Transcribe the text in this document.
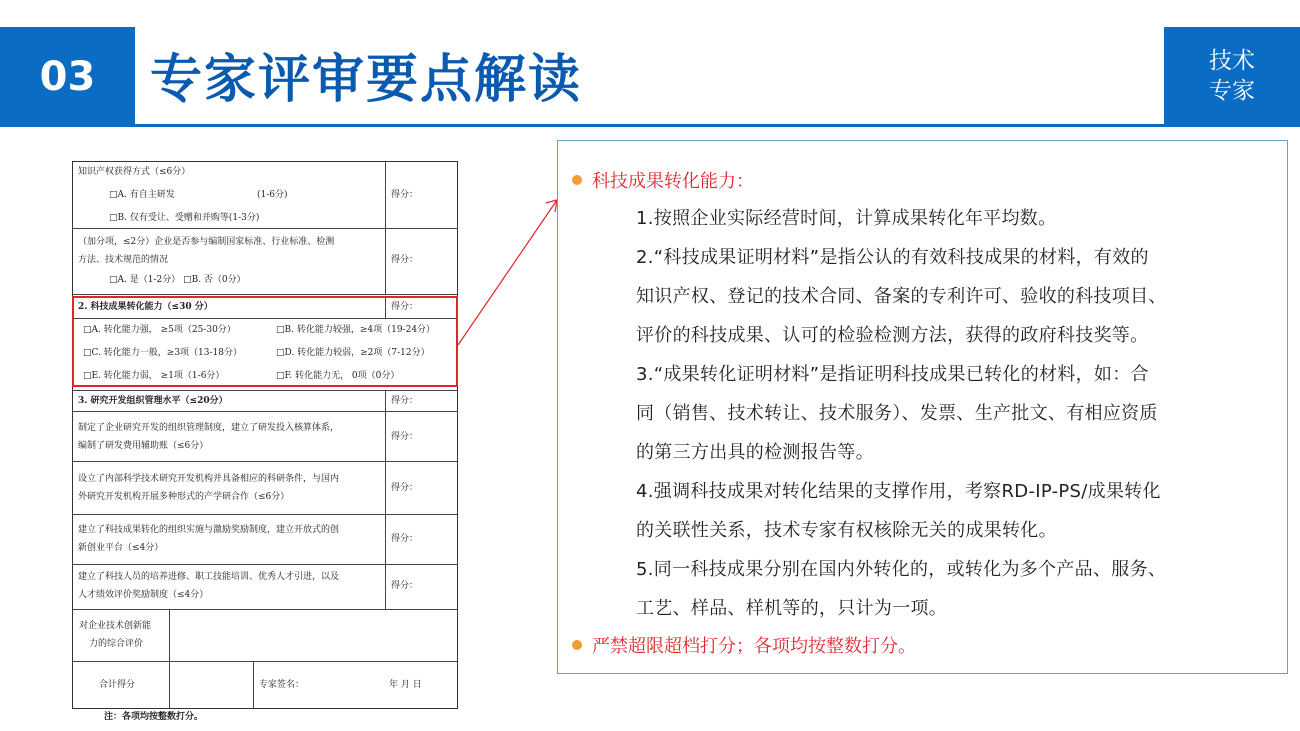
03	专家评审要点解读	技术
专家
知识产权获得方式（≤6分）
□A. 有自主研发	(1-6分)
□B. 仅有受让、受赠和并购等(1-3分)
得分：
（加分项，≤2分）企业是否参与编制国家标准、行业标准、检测
方法、技术规范的情况
□A. 是（1-2分） □B. 否（0分）
得分：
2. 科技成果转化能力（≤30 分）	得分：
□A. 转化能力强， ≥5项（25-30分）	□B. 转化能力较强，≥4项（19-24分）
□C. 转化能力一般，≥3项（13-18分）	□D. 转化能力较弱，≥2项（7-12分）
□E. 转化能力弱， ≥1项（1-6分）	□F. 转化能力无， 0项（0分）
3. 研究开发组织管理水平（≤20分）	得分：
制定了企业研究开发的组织管理制度，建立了研发投入核算体系，
编制了研发费用辅助账（≤6分）
得分：
设立了内部科学技术研究开发机构并具备相应的科研条件，与国内
外研究开发机构开展多种形式的产学研合作（≤6分）
得分：
建立了科技成果转化的组织实施与激励奖励制度，建立开放式的创
新创业平台（≤4分）
得分：
建立了科技人员的培养进修、职工技能培训、优秀人才引进，以及
人才绩效评价奖励制度（≤4分）
得分：
对企业技术创新能
力的综合评价
合计得分	专家签名：	年 月 日
注：各项均按整数打分。
科技成果转化能力：
1.按照企业实际经营时间，计算成果转化年平均数。
2.“科技成果证明材料”是指公认的有效科技成果的材料，有效的
知识产权、登记的技术合同、备案的专利许可、验收的科技项目、
评价的科技成果、认可的检验检测方法，获得的政府科技奖等。
3.“成果转化证明材料”是指证明科技成果已转化的材料，如：合
同（销售、技术转让、技术服务）、发票、生产批文、有相应资质
的第三方出具的检测报告等。
4.强调科技成果对转化结果的支撑作用，考察RD-IP-PS/成果转化
的关联性关系，技术专家有权核除无关的成果转化。
5.同一科技成果分别在国内外转化的，或转化为多个产品、服务、
工艺、样品、样机等的，只计为一项。
严禁超限超档打分；各项均按整数打分。
